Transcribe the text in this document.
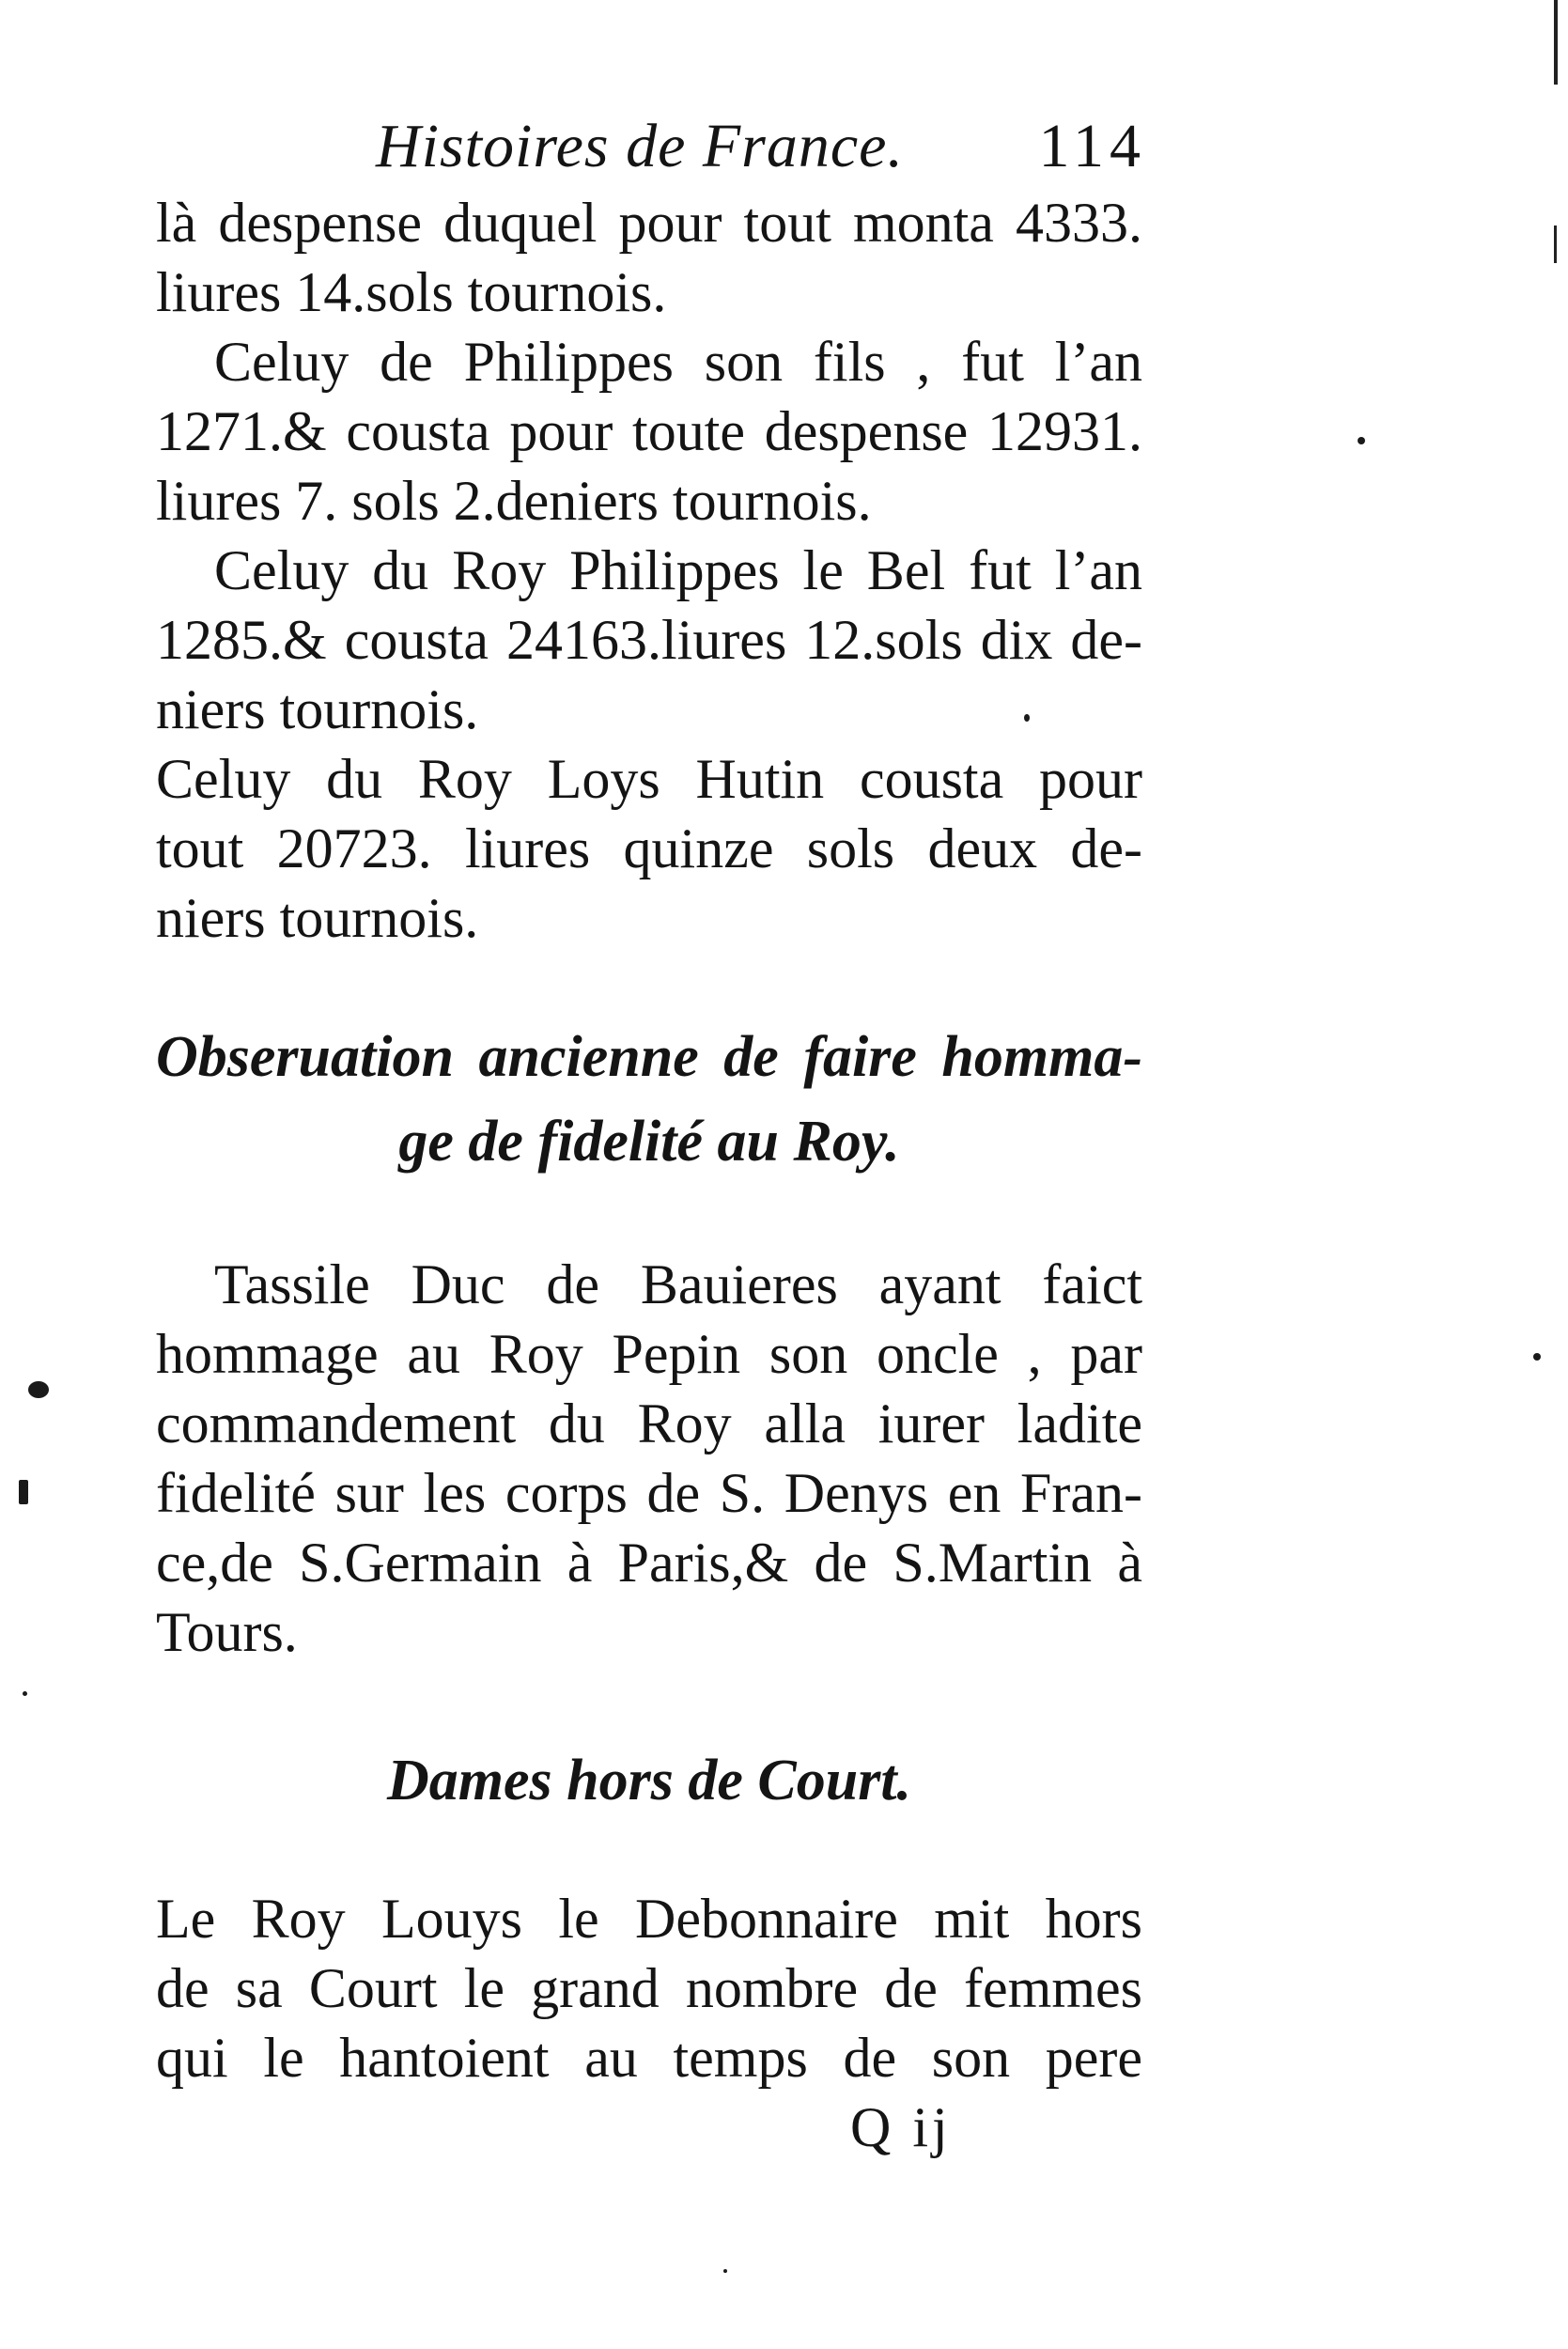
Histoires de France. 114
là despense duquel pour tout monta 4333.
liures 14.sols tournois.
Celuy de Philippes son fils , fut l’an
1271.& cousta pour toute despense 12931.
liures 7. sols 2.deniers tournois.
Celuy du Roy Philippes le Bel fut l’an
1285.& cousta 24163.liures 12.sols dix de-
niers tournois.
Celuy du Roy Loys Hutin cousta pour
tout 20723. liures quinze sols deux de-
niers tournois.
Obseruation ancienne de faire homma-
ge de fidelité au Roy.
Tassile Duc de Bauieres ayant faict
hommage au Roy Pepin son oncle , par
commandement du Roy alla iurer ladite
fidelité sur les corps de S. Denys en Fran-
ce,de S.Germain à Paris,& de S.Martin à
Tours.
Dames hors de Court.
Le Roy Louys le Debonnaire mit hors
de sa Court le grand nombre de femmes
qui le hantoient au temps de son pere
Q ij
